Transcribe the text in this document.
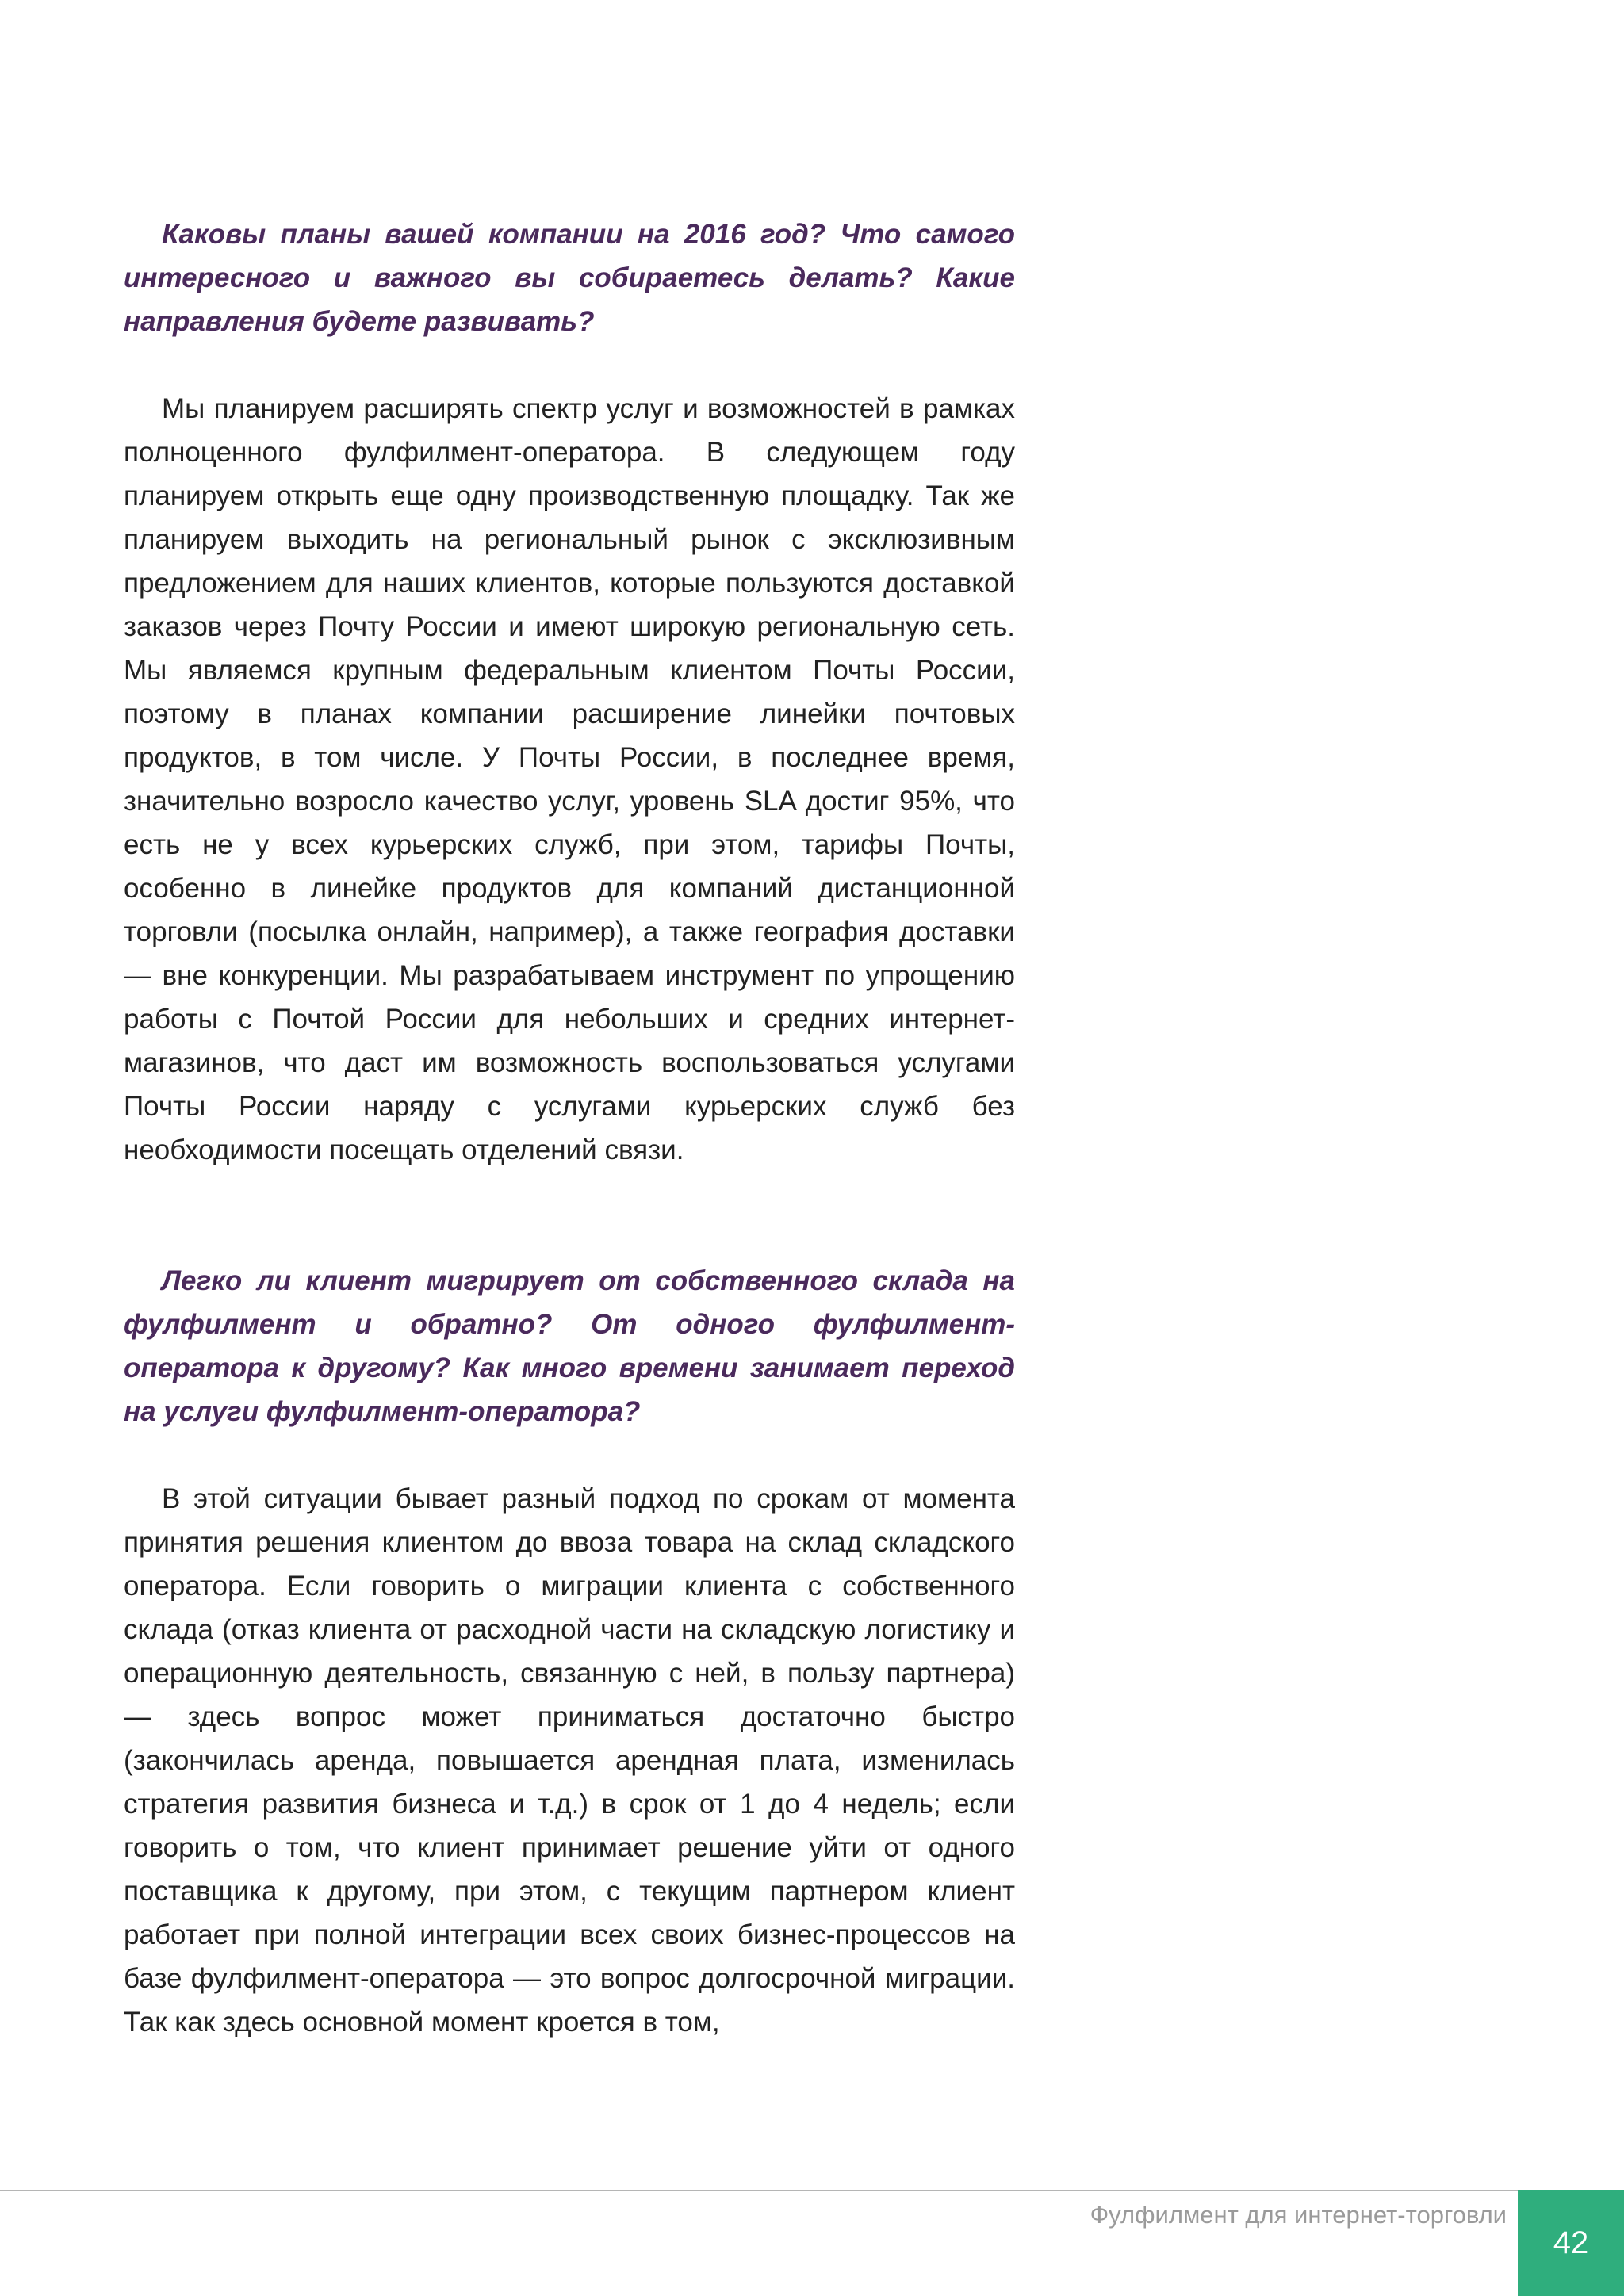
Каковы планы вашей компании на 2016 год? Что самого интересного и важного вы собираетесь делать? Какие направления будете развивать?

Мы планируем расширять спектр услуг и возможностей в рамках полноценного фулфилмент-оператора. В следующем году планируем открыть еще одну производственную площадку. Так же планируем выходить на региональный рынок с эксклюзивным предложением для наших клиентов, которые пользуются доставкой заказов через Почту России и имеют широкую региональную сеть. Мы являемся крупным федеральным клиентом Почты России, поэтому в планах компании расширение линейки почтовых продуктов, в том числе. У Почты России, в последнее время, значительно возросло качество услуг, уровень SLA достиг 95%, что есть не у всех курьерских служб, при этом, тарифы Почты, особенно в линейке продуктов для компаний дистанционной торговли (посылка онлайн, например), а также география доставки — вне конкуренции. Мы разрабатываем инструмент по упрощению работы с Почтой России для небольших и средних интернет-магазинов, что даст им возможность воспользоваться услугами Почты России наряду с услугами курьерских служб без необходимости посещать отделений связи.

Легко ли клиент мигрирует от собственного склада на фулфилмент и обратно? От одного фулфилмент-оператора к другому? Как много времени занимает переход на услуги фулфилмент-оператора?

В этой ситуации бывает разный подход по срокам от момента принятия решения клиентом до ввоза товара на склад складского оператора. Если говорить о миграции клиента с собственного склада (отказ клиента от расходной части на складскую логистику и операционную деятельность, связанную с ней, в пользу партнера) — здесь вопрос может приниматься достаточно быстро (закончилась аренда, повышается арендная плата, изменилась стратегия развития бизнеса и т.д.) в срок от 1 до 4 недель; если говорить о том, что клиент принимает решение уйти от одного поставщика к другому, при этом, с текущим партнером клиент работает при полной интеграции всех своих бизнес-процессов на базе фулфилмент-оператора — это вопрос долгосрочной миграции. Так как здесь основной момент кроется в том,

Фулфилмент для интернет-торговли
42
